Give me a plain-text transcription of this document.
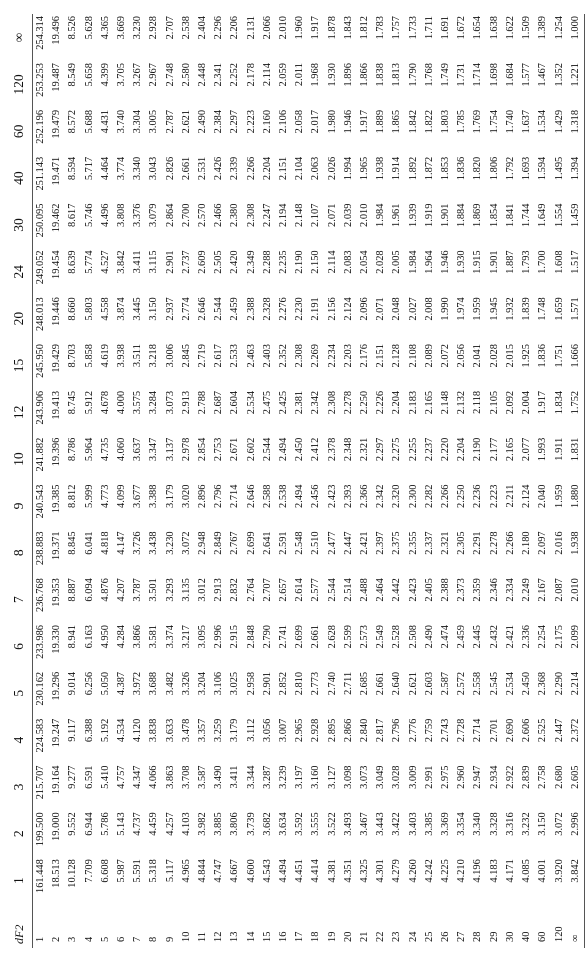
dF2	1	2	3	4	5	6	7	8	9	10	12	15	20	24	30	40	60	120	∞
1	161.448	199.500	215.707	224.583	230.162	233.986	236.768	238.883	240.543	241.882	243.906	245.950	248.013	249.052	250.095	251.143	252.196	253.253	254.314
2	18.513	19.000	19.164	19.247	19.296	19.330	19.353	19.371	19.385	19.396	19.413	19.429	19.446	19.454	19.462	19.471	19.479	19.487	19.496
3	10.128	9.552	9.277	9.117	9.014	8.941	8.887	8.845	8.812	8.786	8.745	8.703	8.660	8.639	8.617	8.594	8.572	8.549	8.526
4	7.709	6.944	6.591	6.388	6.256	6.163	6.094	6.041	5.999	5.964	5.912	5.858	5.803	5.774	5.746	5.717	5.688	5.658	5.628
5	6.608	5.786	5.410	5.192	5.050	4.950	4.876	4.818	4.773	4.735	4.678	4.619	4.558	4.527	4.496	4.464	4.431	4.399	4.365
6	5.987	5.143	4.757	4.534	4.387	4.284	4.207	4.147	4.099	4.060	4.000	3.938	3.874	3.842	3.808	3.774	3.740	3.705	3.669
7	5.591	4.737	4.347	4.120	3.972	3.866	3.787	3.726	3.677	3.637	3.575	3.511	3.445	3.411	3.376	3.340	3.304	3.267	3.230
8	5.318	4.459	4.066	3.838	3.688	3.581	3.501	3.438	3.388	3.347	3.284	3.218	3.150	3.115	3.079	3.043	3.005	2.967	2.928
9	5.117	4.257	3.863	3.633	3.482	3.374	3.293	3.230	3.179	3.137	3.073	3.006	2.937	2.901	2.864	2.826	2.787	2.748	2.707
10	4.965	4.103	3.708	3.478	3.326	3.217	3.135	3.072	3.020	2.978	2.913	2.845	2.774	2.737	2.700	2.661	2.621	2.580	2.538
11	4.844	3.982	3.587	3.357	3.204	3.095	3.012	2.948	2.896	2.854	2.788	2.719	2.646	2.609	2.570	2.531	2.490	2.448	2.404
12	4.747	3.885	3.490	3.259	3.106	2.996	2.913	2.849	2.796	2.753	2.687	2.617	2.544	2.505	2.466	2.426	2.384	2.341	2.296
13	4.667	3.806	3.411	3.179	3.025	2.915	2.832	2.767	2.714	2.671	2.604	2.533	2.459	2.420	2.380	2.339	2.297	2.252	2.206
14	4.600	3.739	3.344	3.112	2.958	2.848	2.764	2.699	2.646	2.602	2.534	2.463	2.388	2.349	2.308	2.266	2.223	2.178	2.131
15	4.543	3.682	3.287	3.056	2.901	2.790	2.707	2.641	2.588	2.544	2.475	2.403	2.328	2.288	2.247	2.204	2.160	2.114	2.066
16	4.494	3.634	3.239	3.007	2.852	2.741	2.657	2.591	2.538	2.494	2.425	2.352	2.276	2.235	2.194	2.151	2.106	2.059	2.010
17	4.451	3.592	3.197	2.965	2.810	2.699	2.614	2.548	2.494	2.450	2.381	2.308	2.230	2.190	2.148	2.104	2.058	2.011	1.960
18	4.414	3.555	3.160	2.928	2.773	2.661	2.577	2.510	2.456	2.412	2.342	2.269	2.191	2.150	2.107	2.063	2.017	1.968	1.917
19	4.381	3.522	3.127	2.895	2.740	2.628	2.544	2.477	2.423	2.378	2.308	2.234	2.156	2.114	2.071	2.026	1.980	1.930	1.878
20	4.351	3.493	3.098	2.866	2.711	2.599	2.514	2.447	2.393	2.348	2.278	2.203	2.124	2.083	2.039	1.994	1.946	1.896	1.843
21	4.325	3.467	3.073	2.840	2.685	2.573	2.488	2.421	2.366	2.321	2.250	2.176	2.096	2.054	2.010	1.965	1.917	1.866	1.812
22	4.301	3.443	3.049	2.817	2.661	2.549	2.464	2.397	2.342	2.297	2.226	2.151	2.071	2.028	1.984	1.938	1.889	1.838	1.783
23	4.279	3.422	3.028	2.796	2.640	2.528	2.442	2.375	2.320	2.275	2.204	2.128	2.048	2.005	1.961	1.914	1.865	1.813	1.757
24	4.260	3.403	3.009	2.776	2.621	2.508	2.423	2.355	2.300	2.255	2.183	2.108	2.027	1.984	1.939	1.892	1.842	1.790	1.733
25	4.242	3.385	2.991	2.759	2.603	2.490	2.405	2.337	2.282	2.237	2.165	2.089	2.008	1.964	1.919	1.872	1.822	1.768	1.711
26	4.225	3.369	2.975	2.743	2.587	2.474	2.388	2.321	2.266	2.220	2.148	2.072	1.990	1.946	1.901	1.853	1.803	1.749	1.691
27	4.210	3.354	2.960	2.728	2.572	2.459	2.373	2.305	2.250	2.204	2.132	2.056	1.974	1.930	1.884	1.836	1.785	1.731	1.672
28	4.196	3.340	2.947	2.714	2.558	2.445	2.359	2.291	2.236	2.190	2.118	2.041	1.959	1.915	1.869	1.820	1.769	1.714	1.654
29	4.183	3.328	2.934	2.701	2.545	2.432	2.346	2.278	2.223	2.177	2.105	2.028	1.945	1.901	1.854	1.806	1.754	1.698	1.638
30	4.171	3.316	2.922	2.690	2.534	2.421	2.334	2.266	2.211	2.165	2.092	2.015	1.932	1.887	1.841	1.792	1.740	1.684	1.622
40	4.085	3.232	2.839	2.606	2.450	2.336	2.249	2.180	2.124	2.077	2.004	1.925	1.839	1.793	1.744	1.693	1.637	1.577	1.509
60	4.001	3.150	2.758	2.525	2.368	2.254	2.167	2.097	2.040	1.993	1.917	1.836	1.748	1.700	1.649	1.594	1.534	1.467	1.389
120	3.920	3.072	2.680	2.447	2.290	2.175	2.087	2.016	1.959	1.911	1.834	1.751	1.659	1.608	1.554	1.495	1.429	1.352	1.254
∞	3.842	2.996	2.605	2.372	2.214	2.099	2.010	1.938	1.880	1.831	1.752	1.666	1.571	1.517	1.459	1.394	1.318	1.221	1.000
